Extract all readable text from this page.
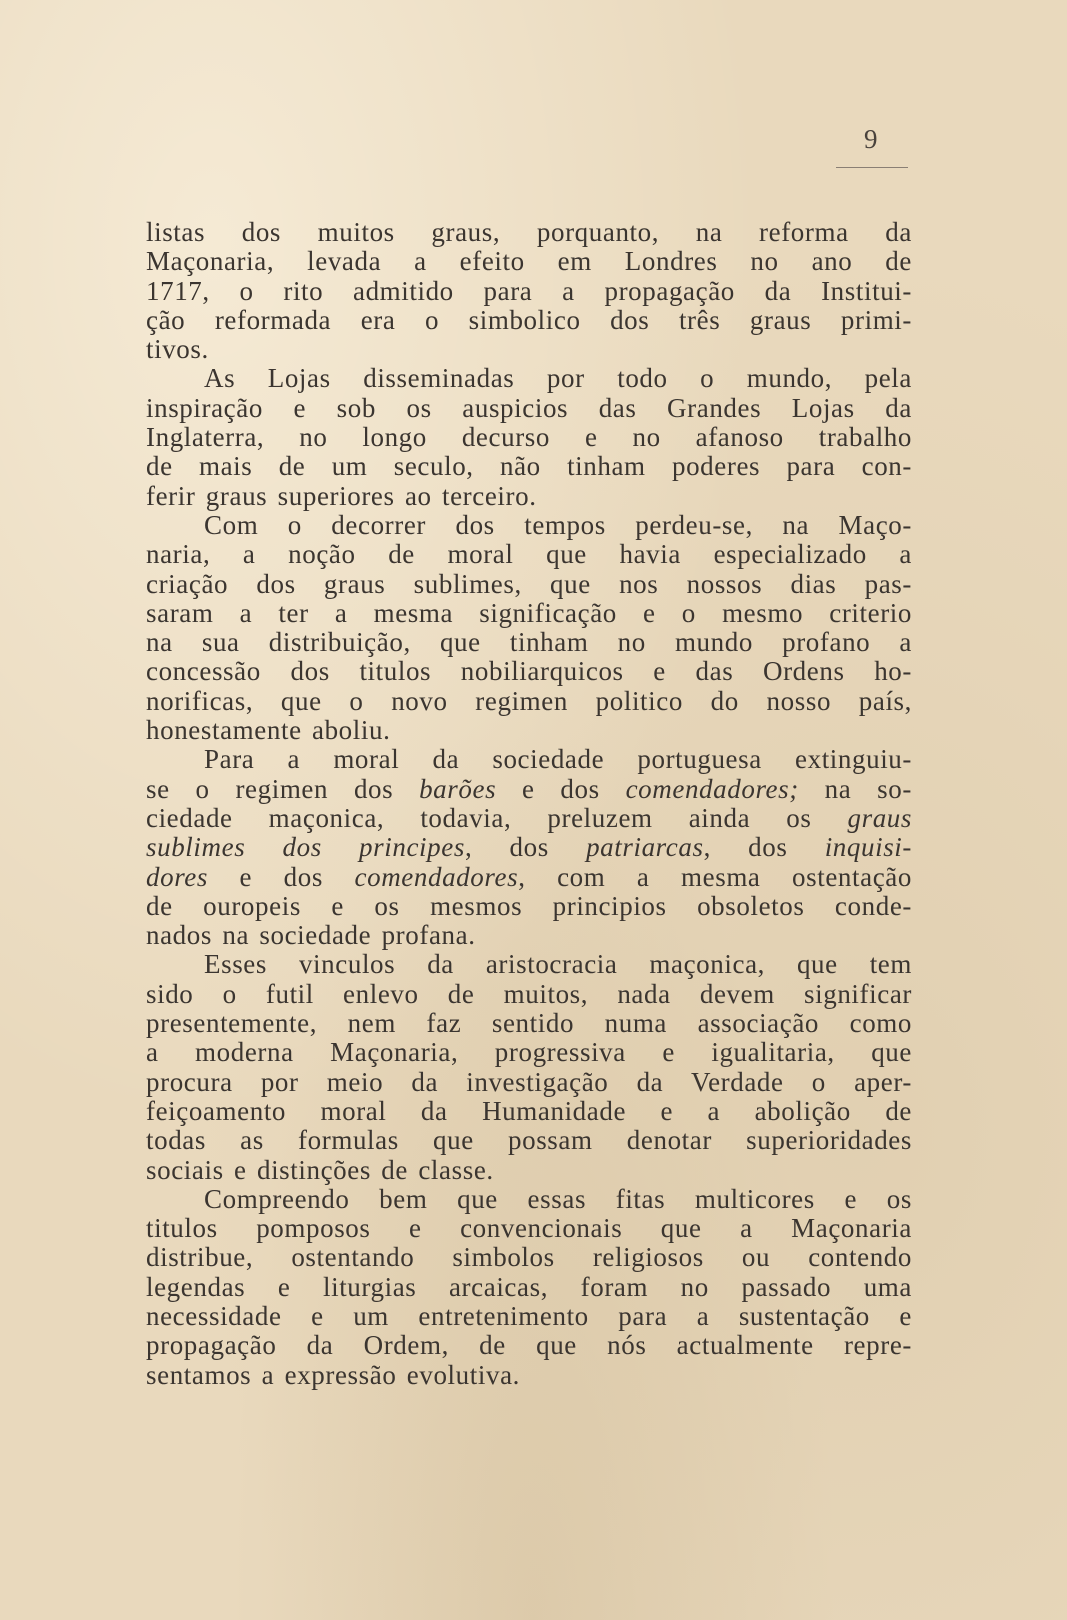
9
listas dos muitos graus, porquanto, na reforma da
Maçonaria, levada a efeito em Londres no ano de
1717, o rito admitido para a propagação da Institui-
ção reformada era o simbolico dos três graus primi-
tivos.
As Lojas disseminadas por todo o mundo, pela
inspiração e sob os auspicios das Grandes Lojas da
Inglaterra, no longo decurso e no afanoso trabalho
de mais de um seculo, não tinham poderes para con-
ferir graus superiores ao terceiro.
Com o decorrer dos tempos perdeu-se, na Maço-
naria, a noção de moral que havia especializado a
criação dos graus sublimes, que nos nossos dias pas-
saram a ter a mesma significação e o mesmo criterio
na sua distribuição, que tinham no mundo profano a
concessão dos titulos nobiliarquicos e das Ordens ho-
norificas, que o novo regimen politico do nosso país,
honestamente aboliu.
Para a moral da sociedade portuguesa extinguiu-
se o regimen dos barões e dos comendadores; na so-
ciedade maçonica, todavia, preluzem ainda os graus
sublimes dos principes, dos patriarcas, dos inquisi-
dores e dos comendadores, com a mesma ostentação
de ouropeis e os mesmos principios obsoletos conde-
nados na sociedade profana.
Esses vinculos da aristocracia maçonica, que tem
sido o futil enlevo de muitos, nada devem significar
presentemente, nem faz sentido numa associação como
a moderna Maçonaria, progressiva e igualitaria, que
procura por meio da investigação da Verdade o aper-
feiçoamento moral da Humanidade e a abolição de
todas as formulas que possam denotar superioridades
sociais e distinções de classe.
Compreendo bem que essas fitas multicores e os
titulos pomposos e convencionais que a Maçonaria
distribue, ostentando simbolos religiosos ou contendo
legendas e liturgias arcaicas, foram no passado uma
necessidade e um entretenimento para a sustentação e
propagação da Ordem, de que nós actualmente repre-
sentamos a expressão evolutiva.
